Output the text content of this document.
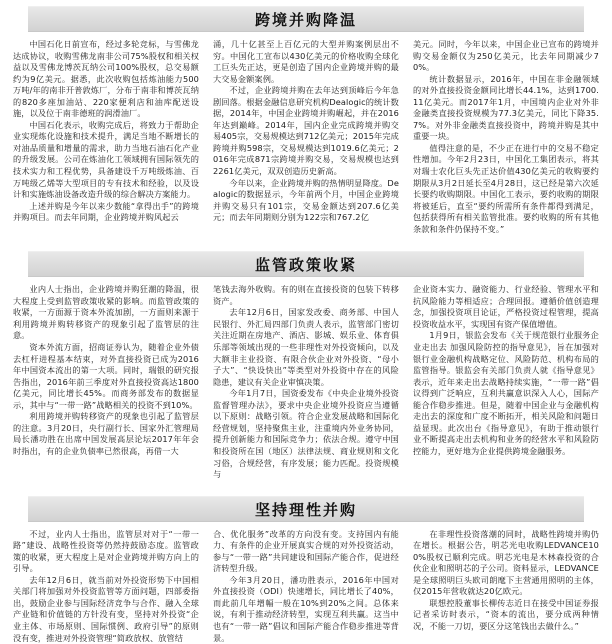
跨境并购降温

中国石化日前宣布，经过多轮竞标，与雪佛龙达成协议，收购雪佛龙南非公司75%股权和相关权益以及雪佛龙博茨瓦纳公司100%股权，总交易额约为9亿美元。据悉，此次收购包括炼油能力500万吨/年的南非开普敦炼厂，分布于南非和博茨瓦纳的820多座加油站、220家便利店和油库配送设施，以及位于南非德班的润滑油厂。

中国石化表示，收购完成后，将致力于帮助企业实现炼化设施和技术提升，满足当地不断增长的对油品质量和增量的需求，助力当地石油石化产业的升级发展。公司在炼油化工领域拥有国际领先的技术实力和工程优势，具备建设千万吨级炼油、百万吨级乙烯等大型项目的专有技术和经验，以及设计和实施炼油设备改造升级的综合解决方案能力。

上述并购是今年以来少数能“拿得出手”的跨境并购项目。而去年同期，企业跨境并购风起云

涌，几十亿甚至上百亿元的大型并购案例层出不穷。中国化工宣布以430亿美元的价格收购全球化工巨头先正达，更是创造了国内企业跨境并购的最大交易金额案例。

不过，企业跨境并购在去年达到顶峰后今年急剧回落。根据金融信息研究机构Dealogic的统计数据，2014年，中国企业跨境并购崛起，并在2016年达到巅峰。2014年，国内企业完成跨境并购交易405宗，交易规模达到712亿美元；2015年完成跨境并购598宗，交易规模达到1019.6亿美元；2016年完成871宗跨境并购交易，交易规模也达到2261亿美元，双双创造历史新高。

今年以来，企业跨境并购的热情明显降度。Dealogic的数据显示，今年前两个月，中国企业跨境并购交易只有101宗，交易金额达到207.6亿美元；而去年同期则分别为122宗和767.2亿

美元。同时，今年以来，中国企业已宣布的跨境并购交易金额仅为250亿美元，比去年同期减少70%。

统计数据显示，2016年，中国在非金融领域的对外直接投资金额同比增长44.1%，达到1700.11亿美元。而2017年1月，中国境内企业对外非金融类直接投资规模为77.3亿美元，同比下降35.7%。对外非金融类直接投资中，跨境并购是其中重要一块。

值得注意的是，不少正在进行中的交易不稳定性增加。今年2月23日，中国化工集团表示，将其对瑞士农化巨头先正达价值430亿美元的收购要约期限从3月2日延长至4月28日，这已经是第六次延长要约收购期限。中国化工表示，要约收购的期限将被延后，直至“要约所需所有条件都得到满足，包括获得所有相关监管批准。要约收购的所有其他条款和条件仍保持不变。”

监管政策收紧

业内人士指出，企业跨境并购狂潮的降温，很大程度上受到监管政策收紧的影响。而监管政策的收紧，一方面源于资本外流加剧，一方面则来源于利用跨境并购转移资产的现象引起了监管层的注意。

资本外流方面，招商证券认为，随着企业外债去杠杆进程基本结束，对外直接投资已成为2016年中国资本流出的第一大项。同时，瑞银的研究报告指出，2016年前三季度对外直接投资高达1800亿美元，同比增长45%。而商务部发布的数据显示，其中与“一带一路”战略相关的投资不到10%。

利用跨境并购转移资产的现象也引起了监管层的注意。3月20日，央行副行长、国家外汇管理局局长潘功胜在出席中国发展高层论坛2017年年会时指出，有的企业负债率已然很高，再借一大

笔钱去海外收购。有的则在直接投资的包装下转移资产。

去年12月6日，国家发改委、商务部、中国人民银行、外汇局四部门负责人表示，监管部门密切关注近期在房地产、酒店、影城、娱乐业、体育俱乐部等领域出现的一些非理性对外投资倾向，以及大额非主业投资、有限合伙企业对外投资、“母小子大”、“快设快出”等类型对外投资中存在的风险隐患，建议有关企业审慎决策。

今年1月7日，国资委发布《中央企业境外投资监督管理办法》，要求中央企业境外投资应当遵循以下原则：战略引领。符合企业发展战略和国际化经营规划，坚持聚焦主业，注重境内外业务协同，提升创新能力和国际竞争力；依法合规。遵守中国和投资所在国（地区）法律法规、商业规则和文化习俗，合规经营，有序发展；能力匹配。投资规模与

企业资本实力、融资能力、行业经验、管理水平和抗风险能力等相适应；合理回报。遵循价值创造理念，加强投资项目论证，严格投资过程管理，提高投资收益水平，实现国有资产保值增值。

1月9日，银监会发布《关于规范银行业服务企业走出去 加强风险防控的指导意见》，旨在加强对银行业金融机构战略定位、风险防范、机构布局的监管指导。银监会有关部门负责人就《指导意见》表示，近年来走出去战略持续实施，“一带一路”倡议得到广泛响应，互利共赢意识深入人心，国际产能合作稳步推进。但是，随着中国企业与金融机构走出去的深度和广度不断拓开，相关风险和问题日益显现。此次出台《指导意见》，有助于推动银行业不断提高走出去机构和业务的经营水平和风险防控能力，更好地为企业提供跨境金融服务。

坚持理性并购

不过，业内人士指出，监管层对对于“一带一路”建设、战略性投资等仍然持鼓励态度。监管政策的收紧，更大程度上是对企业跨境并购方向上的引导。

去年12月6日，就当前对外投资形势下中国相关部门将加强对外投资监管等方面问题，四部委指出，鼓励企业参与国际经济竞争与合作、融入全球产业链和价值链的方针没有变，坚持对外投资“企业主体、市场原则、国际惯例、政府引导”的原则没有变，推进对外投资管理“简政放权、放管结

合、优化服务”改革的方向没有变。支持国内有能力、有条件的企业开展真实合规的对外投资活动，参与“一带一路”共同建设和国际产能合作，促进经济转型升级。

今年3月20日，潘功胜表示，2016年中国对外直接投资（ODI）快速增长，同比增长了40%，而此前几年增幅一般在10%到20%之间。总体来说，有利于推动经济转型，实现互利共赢。这当中也有“一带一路”倡议和国际产能合作稳步推进等背景。

在非理性投资落潮的同时，战略性跨境并购仍在增长。根据公告，明芯光电收购LEDVANCE100%股权已顺利完成。明芯光电是木林森投资的合伙企业和照明芯的子公司。资料显示，LEDVANCE是全球照明巨头欧司朗麾下主营通用照明的主体，仅2015年营收就达20亿欧元。

联想控股董事长柳传志近日在接受中国证券报记者采访时表示，“资本的流出，要分成两种情况，不能一刀切，要区分这笔钱出去做什么。”
